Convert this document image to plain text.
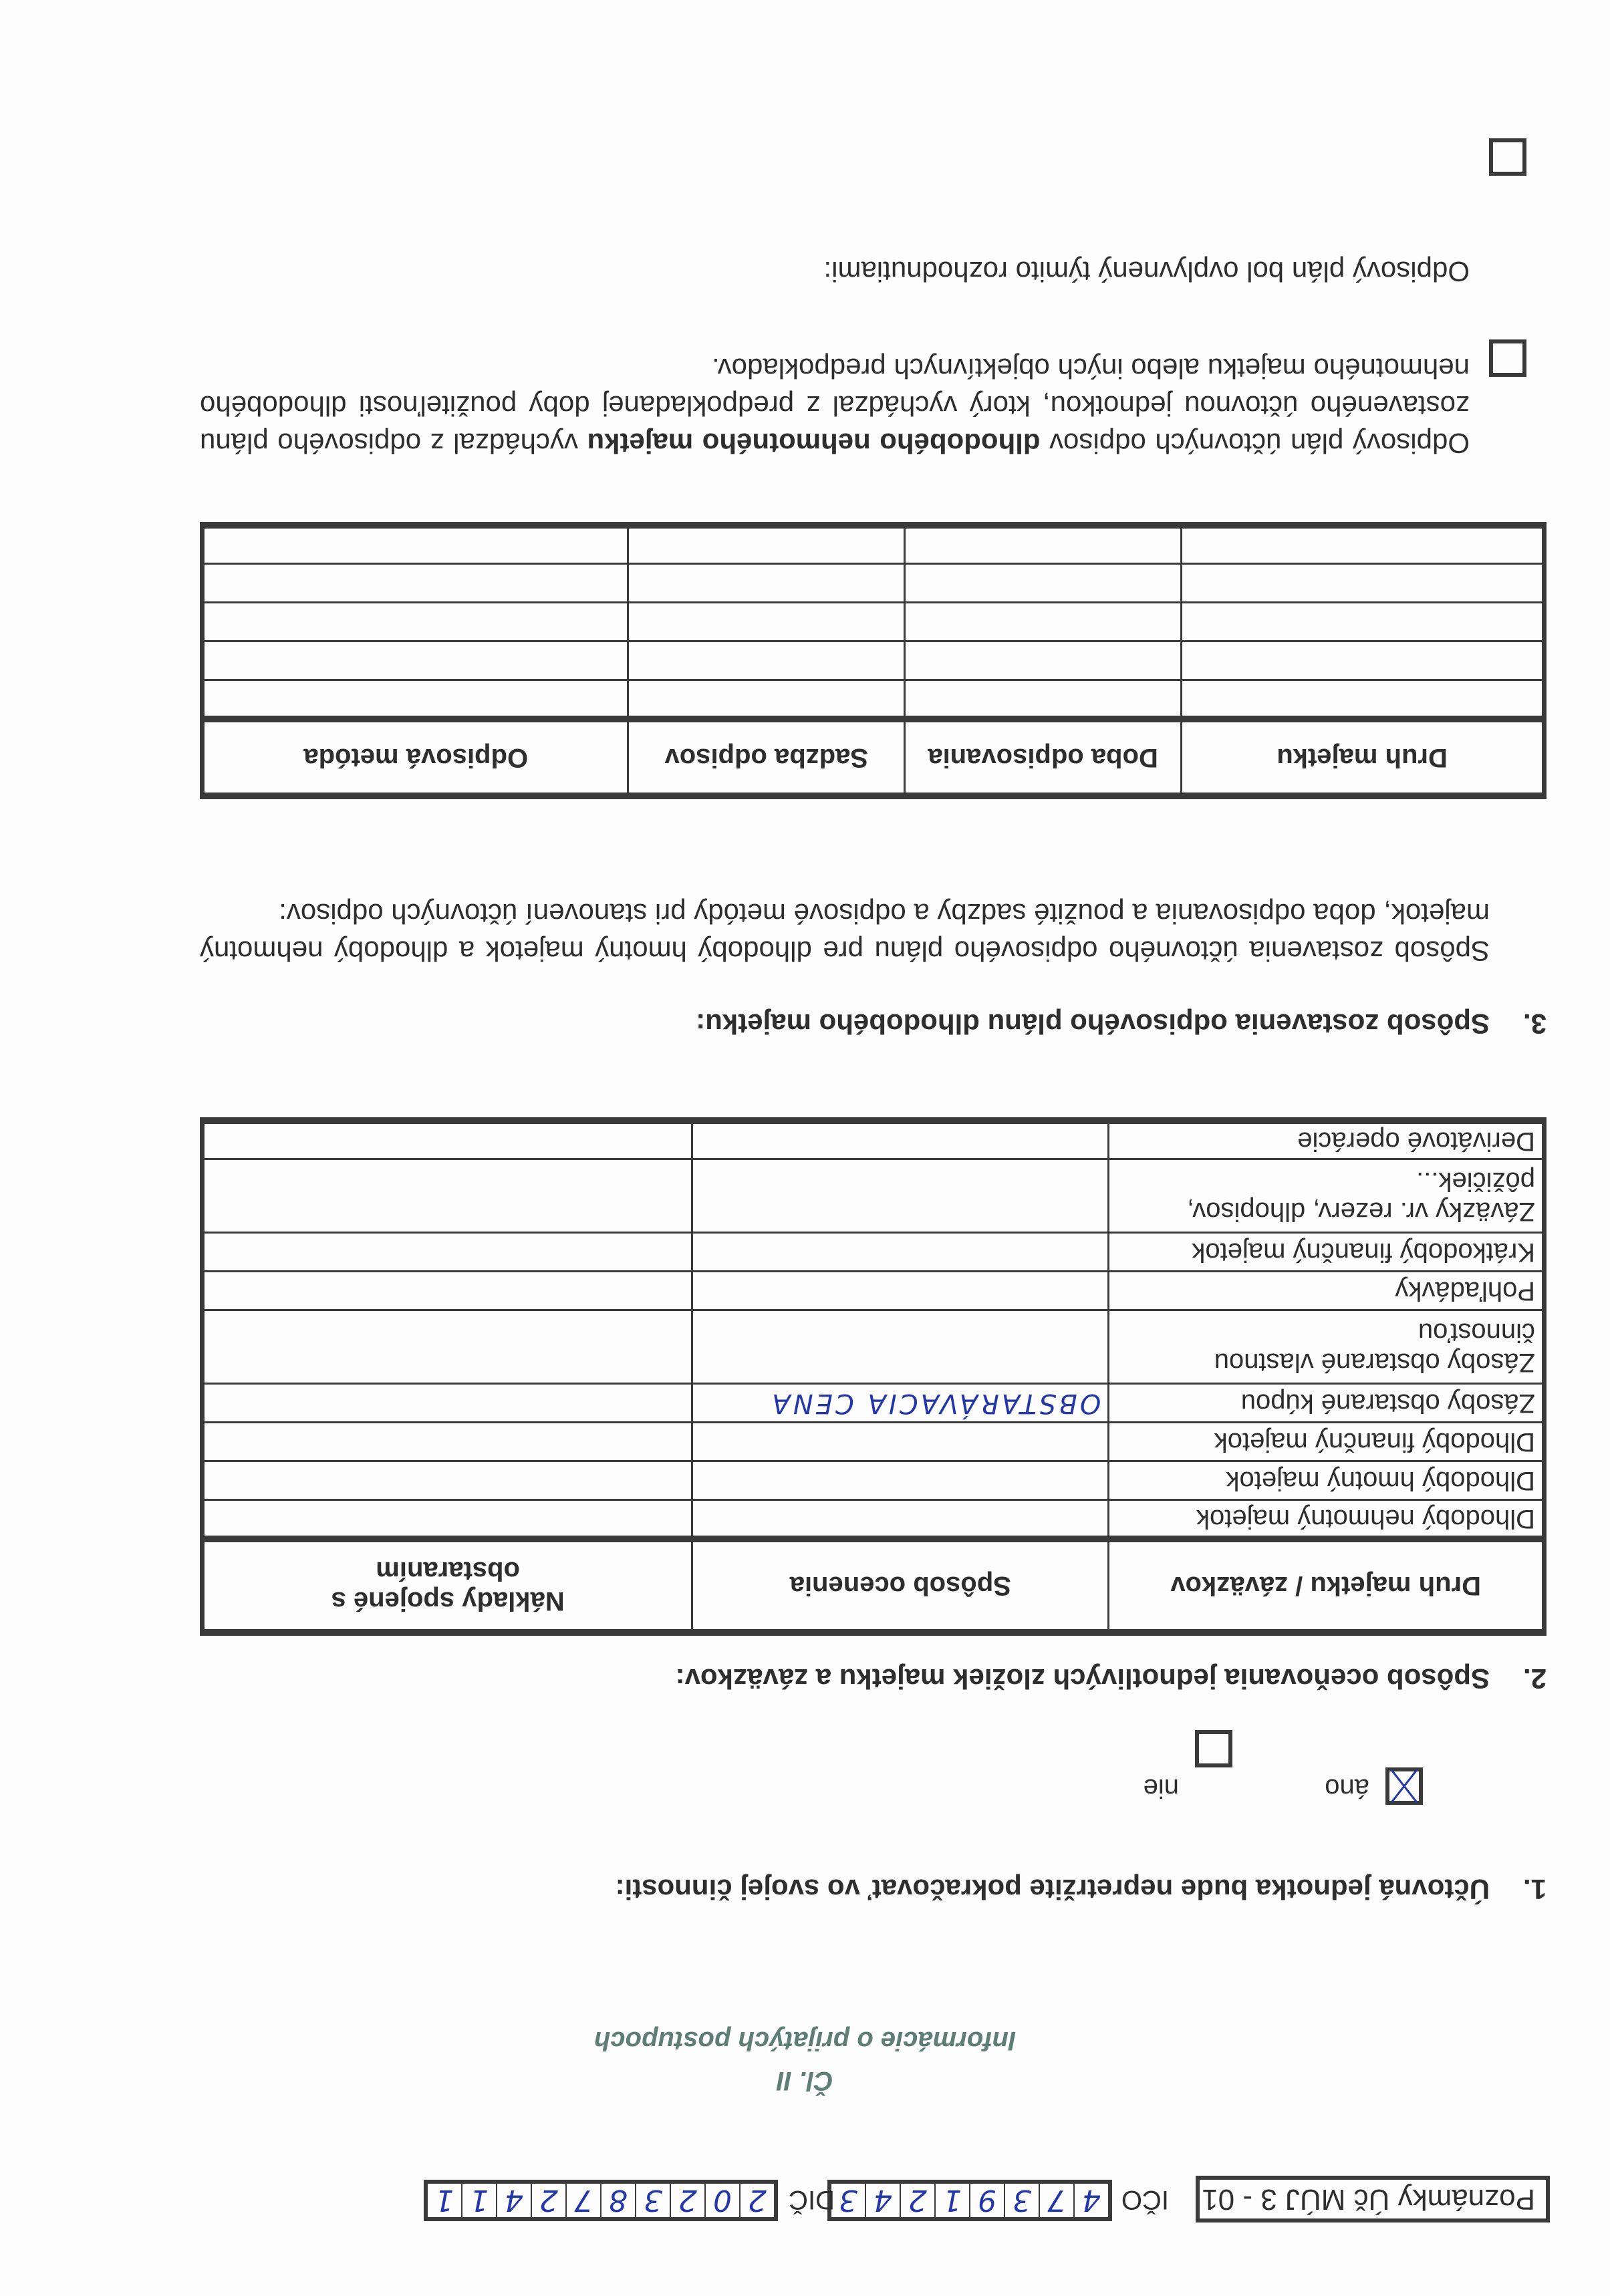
Poznámky Úč MÚJ 3 - 01
IČO
4
7
3
9
1
2
4
3
DIČ
2
0
2
3
8
7
2
4
1
1
Čl. II
Informácie o prijatých postupoch
1.
Účtovná jednotka bude nepretržite pokračovať vo svojej činnosti:
áno
nie
2.
Spôsob oceňovania jednotlivých zložiek majetku a záväzkov:
Druh majetku / záväzkov	Spôsob ocenenia	Náklady spojené s obstaraním
Dlhodobý nehmotný majetok		
Dlhodobý hmotný majetok		
Dlhodobý finančný majetok		
Zásoby obstarané kúpou	OBSTARÁVACIA CENA	
Zásoby obstarané vlastnou činnosťou		
Pohľadávky		
Krátkodobý finančný majetok		
Záväzky vr. rezerv, dlhopisov, pôžičiek...		
Derivátové operácie		
3.
Spôsob zostavenia odpisového plánu dlhodobého majetku:
Spôsob zostavenia účtovného odpisového plánu pre dlhodobý hmotný majetok a dlhodobý nehmotný majetok, doba odpisovania a použité sadzby a odpisové metódy pri stanovení účtovných odpisov:
Druh majetku	Doba odpisovania	Sadzba odpisov	Odpisová metóda

Odpisový plán účtovných odpisov dlhodobého nehmotného majetku vychádzal z odpisového plánu zostaveného účtovnou jednotkou, ktorý vychádzal z predpokladanej doby použiteľnosti dlhodobého nehmotného majetku alebo iných objektívnych predpokladov.
Odpisový plán bol ovplyvnený týmito rozhodnutiami:
